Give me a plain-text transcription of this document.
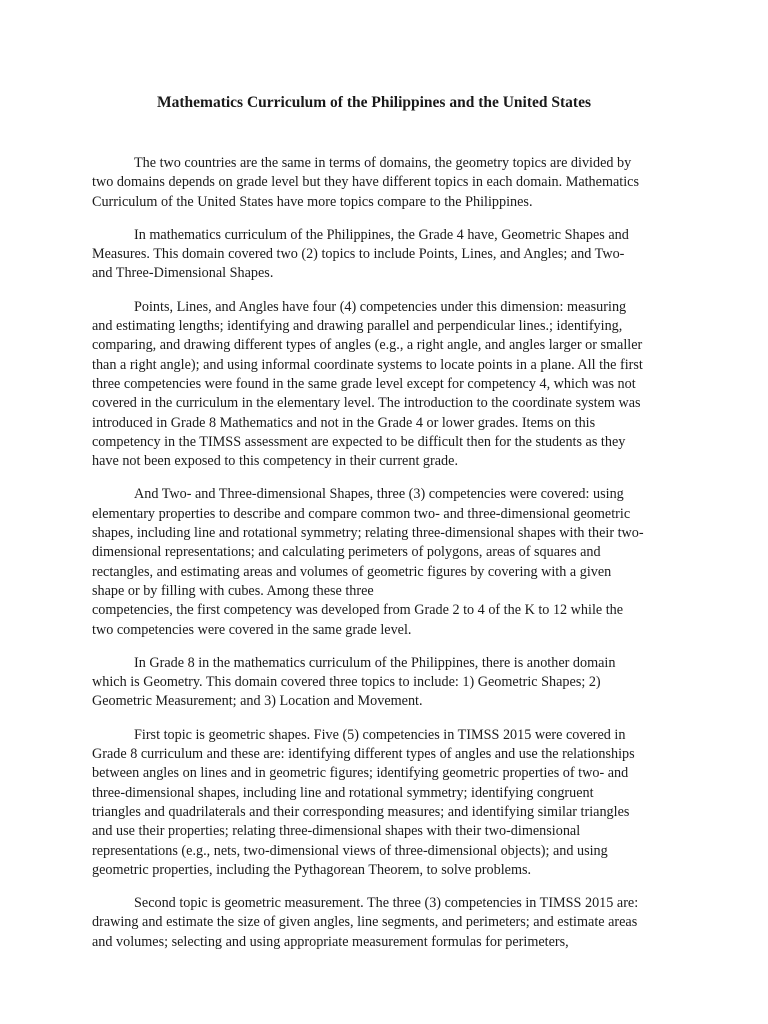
Mathematics Curriculum of the Philippines and the United States

The two countries are the same in terms of domains, the geometry topics are divided by
two domains depends on grade level but they have different topics in each domain. Mathematics
Curriculum of the United States have more topics compare to the Philippines.

In mathematics curriculum of the Philippines, the Grade 4 have, Geometric Shapes and
Measures. This domain covered two (2) topics to include Points, Lines, and Angles; and Two-
and Three-Dimensional Shapes.

Points, Lines, and Angles have four (4) competencies under this dimension: measuring
and estimating lengths; identifying and drawing parallel and perpendicular lines.; identifying,
comparing, and drawing different types of angles (e.g., a right angle, and angles larger or smaller
than a right angle); and using informal coordinate systems to locate points in a plane. All the first
three competencies were found in the same grade level except for competency 4, which was not
covered in the curriculum in the elementary level. The introduction to the coordinate system was
introduced in Grade 8 Mathematics and not in the Grade 4 or lower grades. Items on this
competency in the TIMSS assessment are expected to be difficult then for the students as they
have not been exposed to this competency in their current grade.

And Two- and Three-dimensional Shapes, three (3) competencies were covered: using
elementary properties to describe and compare common two- and three-dimensional geometric
shapes, including line and rotational symmetry; relating three-dimensional shapes with their two-
dimensional representations; and calculating perimeters of polygons, areas of squares and
rectangles, and estimating areas and volumes of geometric figures by covering with a given
shape or by filling with cubes. Among these three
competencies, the first competency was developed from Grade 2 to 4 of the K to 12 while the
two competencies were covered in the same grade level.

In Grade 8 in the mathematics curriculum of the Philippines, there is another domain
which is Geometry. This domain covered three topics to include: 1) Geometric Shapes; 2)
Geometric Measurement; and 3) Location and Movement.

First topic is geometric shapes. Five (5) competencies in TIMSS 2015 were covered in
Grade 8 curriculum and these are: identifying different types of angles and use the relationships
between angles on lines and in geometric figures; identifying geometric properties of two- and
three-dimensional shapes, including line and rotational symmetry; identifying congruent
triangles and quadrilaterals and their corresponding measures; and identifying similar triangles
and use their properties; relating three-dimensional shapes with their two-dimensional
representations (e.g., nets, two-dimensional views of three-dimensional objects); and using
geometric properties, including the Pythagorean Theorem, to solve problems.

Second topic is geometric measurement. The three (3) competencies in TIMSS 2015 are:
drawing and estimate the size of given angles, line segments, and perimeters; and estimate areas
and volumes; selecting and using appropriate measurement formulas for perimeters,
